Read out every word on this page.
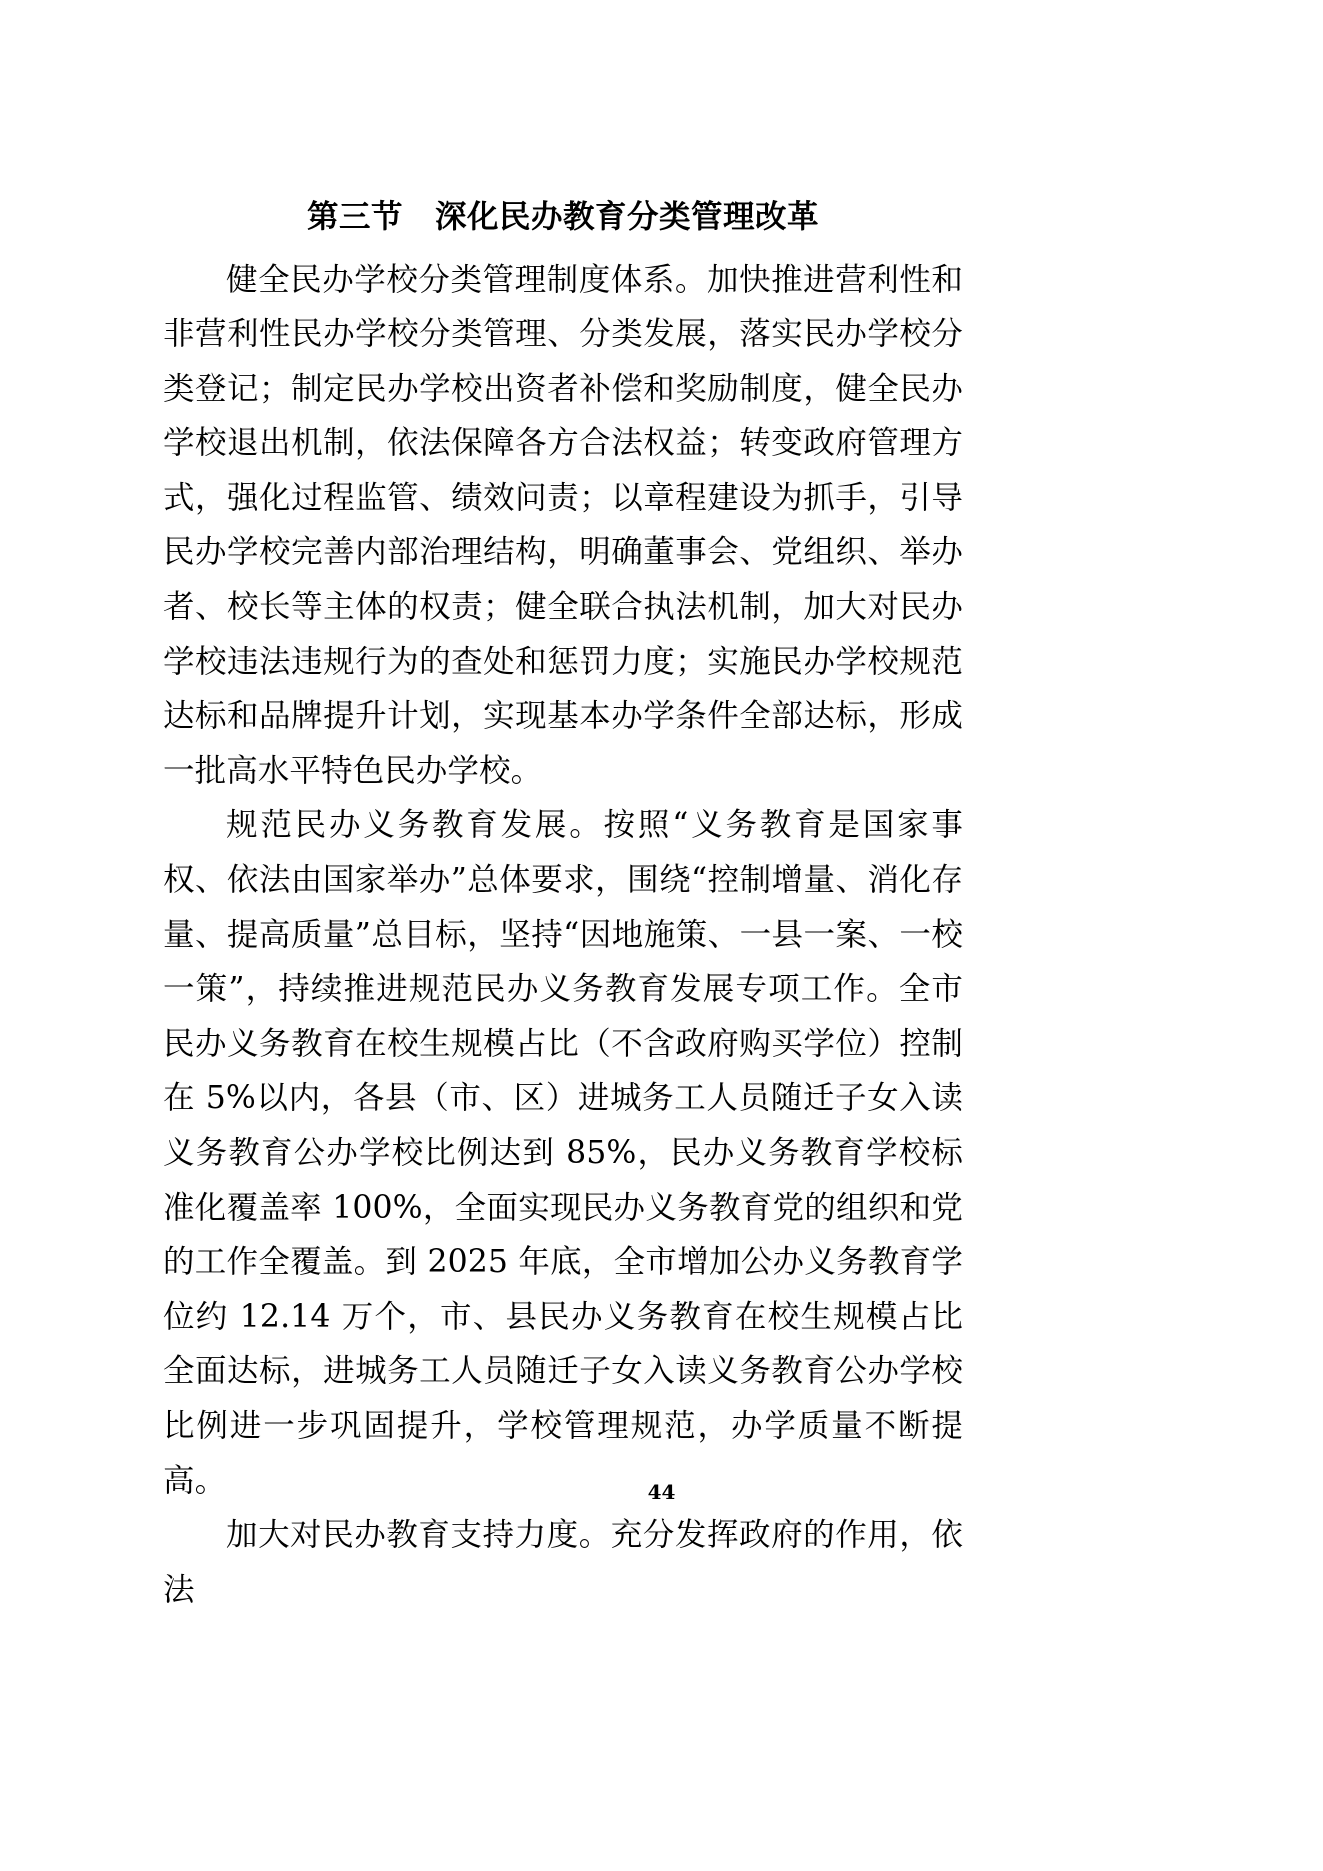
第三节　深化民办教育分类管理改革

健全民办学校分类管理制度体系。加快推进营利性和非营利性民办学校分类管理、分类发展，落实民办学校分类登记；制定民办学校出资者补偿和奖励制度，健全民办学校退出机制，依法保障各方合法权益；转变政府管理方式，强化过程监管、绩效问责；以章程建设为抓手，引导民办学校完善内部治理结构，明确董事会、党组织、举办者、校长等主体的权责；健全联合执法机制，加大对民办学校违法违规行为的查处和惩罚力度；实施民办学校规范达标和品牌提升计划，实现基本办学条件全部达标，形成一批高水平特色民办学校。

规范民办义务教育发展。按照“义务教育是国家事权、依法由国家举办”总体要求，围绕“控制增量、消化存量、提高质量”总目标，坚持“因地施策、一县一案、一校一策”，持续推进规范民办义务教育发展专项工作。全市民办义务教育在校生规模占比（不含政府购买学位）控制在 5%以内，各县（市、区）进城务工人员随迁子女入读义务教育公办学校比例达到 85%，民办义务教育学校标准化覆盖率 100%，全面实现民办义务教育党的组织和党的工作全覆盖。到 2025 年底，全市增加公办义务教育学位约 12.14 万个，市、县民办义务教育在校生规模占比全面达标，进城务工人员随迁子女入读义务教育公办学校比例进一步巩固提升，学校管理规范，办学质量不断提高。

加大对民办教育支持力度。充分发挥政府的作用，依法

44
